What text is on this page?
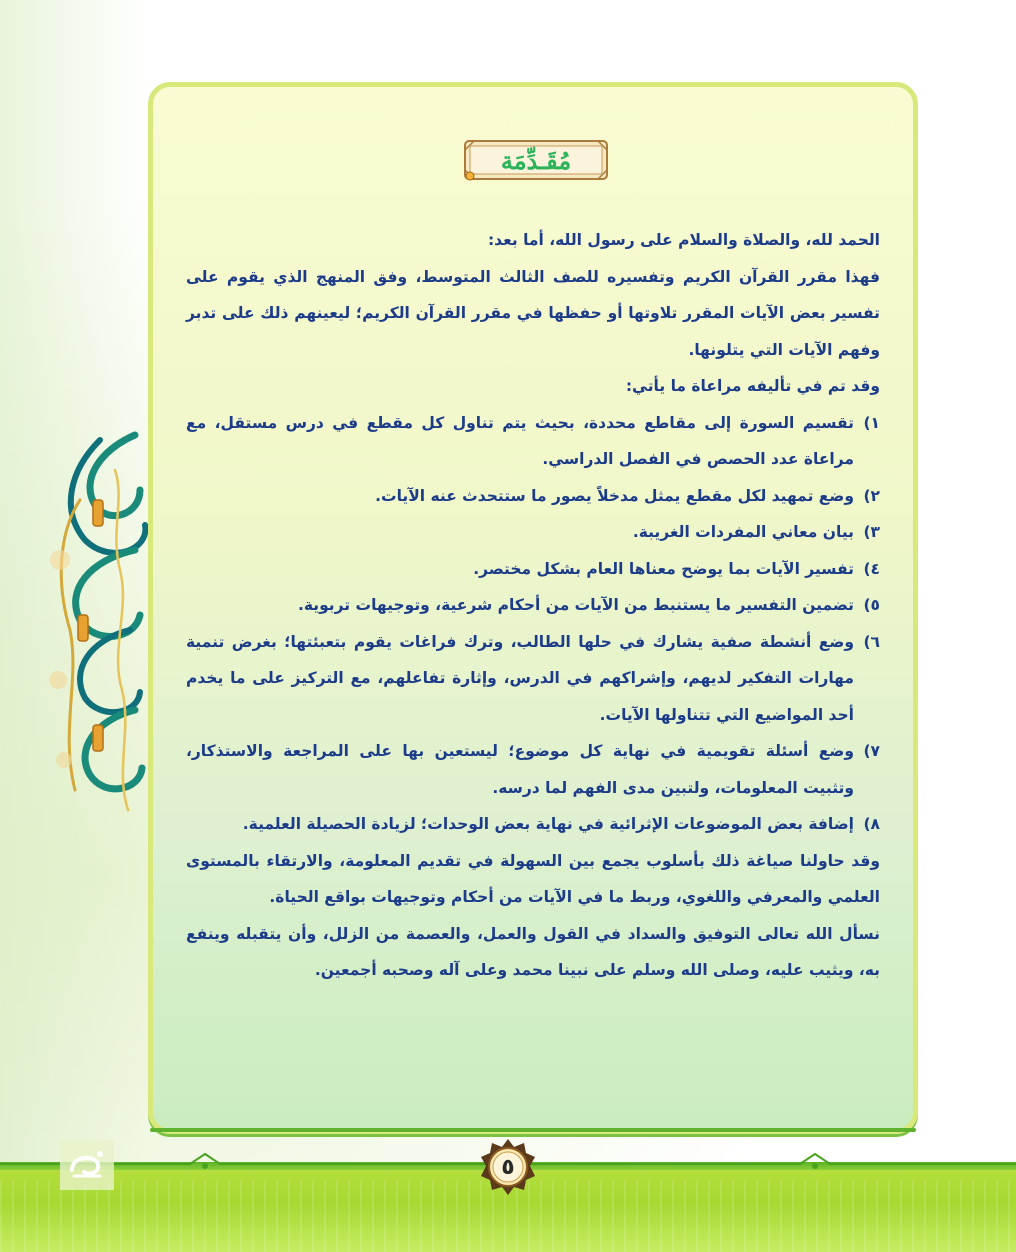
مُقَـدِّمَة

الحمد لله، والصلاة والسلام على رسول الله، أما بعد:

فهذا مقرر القرآن الكريم وتفسيره للصف الثالث المتوسط، وفق المنهج الذي يقوم على تفسير بعض الآيات المقرر تلاوتها أو حفظها في مقرر القرآن الكريم؛ ليعينهم ذلك على تدبر وفهم الآيات التي يتلونها.

وقد تم في تأليفه مراعاة ما يأتي:

١)
تقسيم السورة إلى مقاطع محددة، بحيث يتم تناول كل مقطع في درس مستقل، مع مراعاة عدد الحصص في الفصل الدراسي.
٢)
وضع تمهيد لكل مقطع يمثل مدخلاً يصور ما ستتحدث عنه الآيات.
٣)
بيان معاني المفردات الغريبة.
٤)
تفسير الآيات بما يوضح معناها العام بشكل مختصر.
٥)
تضمين التفسير ما يستنبط من الآيات من أحكام شرعية، وتوجيهات تربوية.
٦)
وضع أنشطة صفية يشارك في حلها الطالب، وترك فراغات يقوم بتعبئتها؛ بغرض تنمية مهارات التفكير لديهم، وإشراكهم في الدرس، وإثارة تفاعلهم، مع التركيز على ما يخدم أحد المواضيع التي تتناولها الآيات.
٧)
وضع أسئلة تقويمية في نهاية كل موضوع؛ ليستعين بها على المراجعة والاستذكار، وتثبيت المعلومات، ولتبين مدى الفهم لما درسه.
٨)
إضافة بعض الموضوعات الإثرائية في نهاية بعض الوحدات؛ لزيادة الحصيلة العلمية.

وقد حاولنا صياغة ذلك بأسلوب يجمع بين السهولة في تقديم المعلومة، والارتقاء بالمستوى العلمي والمعرفي واللغوي، وربط ما في الآيات من أحكام وتوجيهات بواقع الحياة.

نسأل الله تعالى التوفيق والسداد في القول والعمل، والعصمة من الزلل، وأن يتقبله وينفع به، ويثيب عليه، وصلى الله وسلم على نبينا محمد وعلى آله وصحبه أجمعين.

٥
